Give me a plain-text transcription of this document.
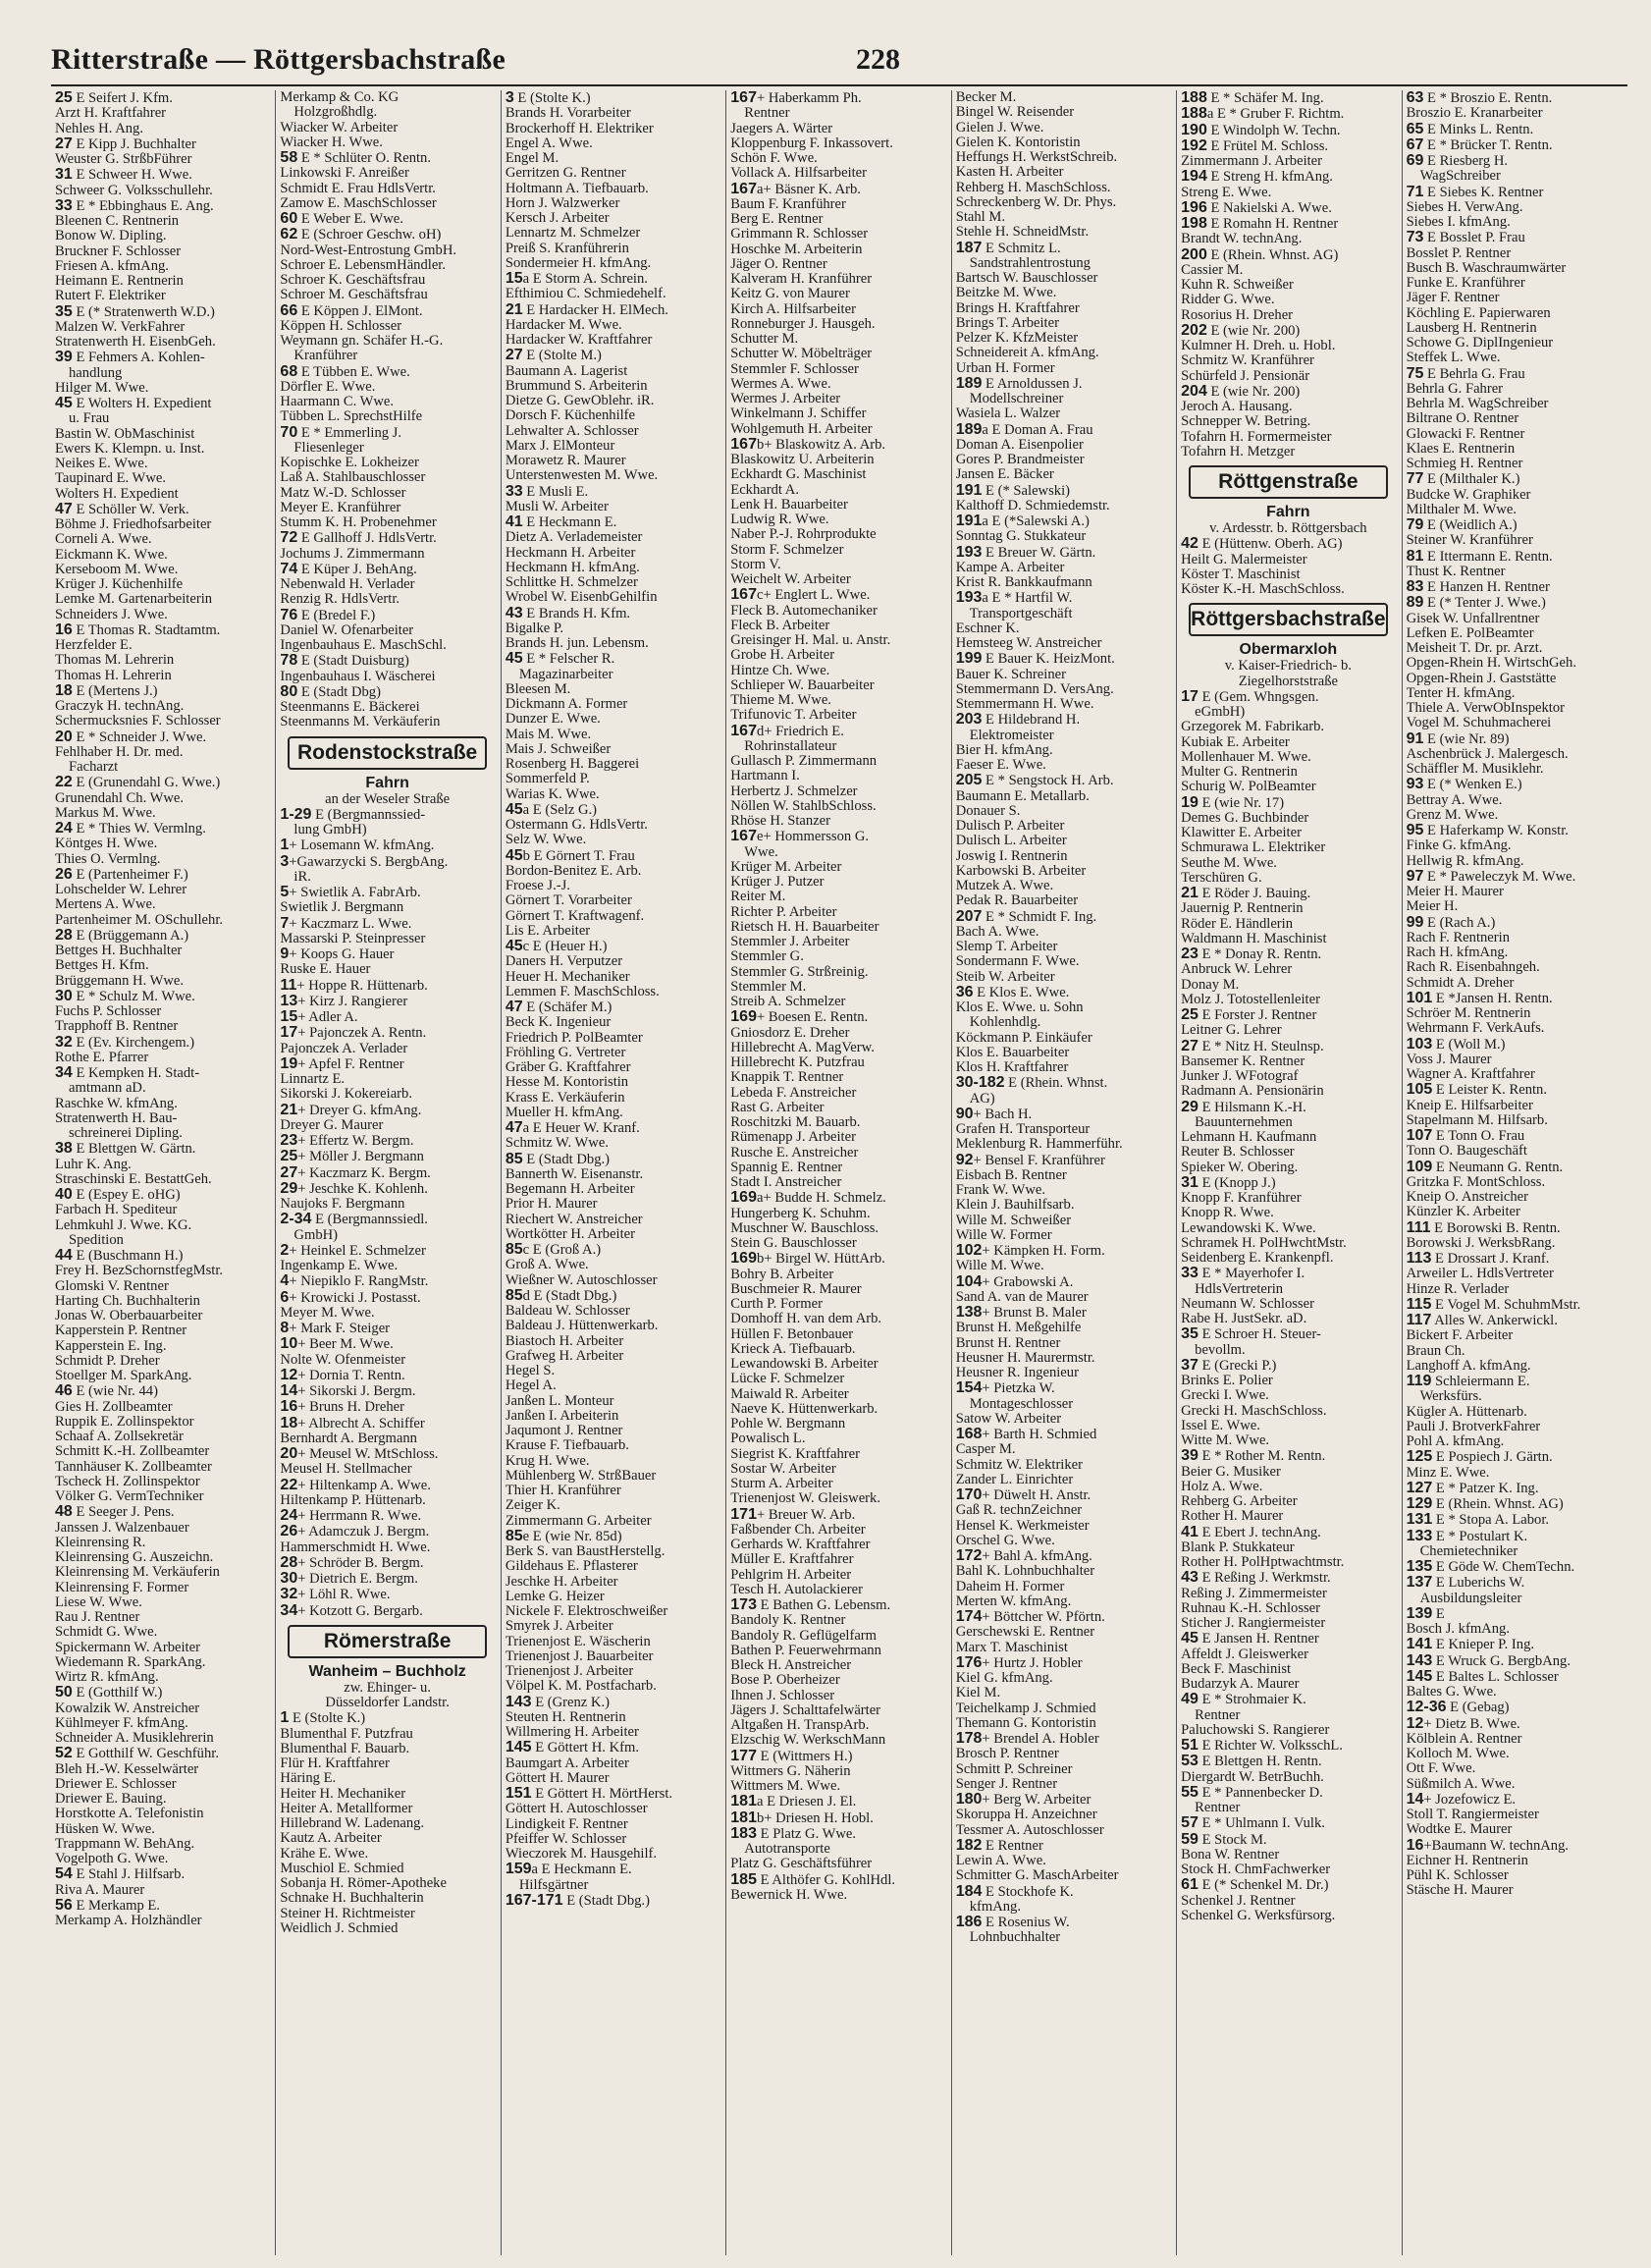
Ritterstraße — Röttgersbachstraße	228
25 E Seifert J. Kfm.
Arzt H. Kraftfahrer
Nehles H. Ang.
27 E Kipp J. Buchhalter
Weuster G. StrßbFührer
31 E Schweer H. Wwe.
Schweer G. Volksschullehr.
33 E * Ebbinghaus E. Ang.
Bleenen C. Rentnerin
Bonow W. Dipling.
Bruckner F. Schlosser
Friesen A. kfmAng.
Heimann E. Rentnerin
Rutert F. Elektriker
35 E (* Stratenwerth W.D.)
Malzen W. VerkFahrer
Stratenwerth H. EisenbGeh.
39 E Fehmers A. Kohlen-
handlung
Hilger M. Wwe.
45 E Wolters H. Expedient
u. Frau
Bastin W. ObMaschinist
Ewers K. Klempn. u. Inst.
Neikes E. Wwe.
Taupinard E. Wwe.
Wolters H. Expedient
47 E Schöller W. Verk.
Böhme J. Friedhofsarbeiter
Corneli A. Wwe.
Eickmann K. Wwe.
Kerseboom M. Wwe.
Krüger J. Küchenhilfe
Lemke M. Gartenarbeiterin
Schneiders J. Wwe.
16 E Thomas R. Stadtamtm.
Herzfelder E.
Thomas M. Lehrerin
Thomas H. Lehrerin
18 E (Mertens J.)
Graczyk H. technAng.
Schermucksnies F. Schlosser
20 E * Schneider J. Wwe.
Fehlhaber H. Dr. med.
Facharzt
22 E (Grunendahl G. Wwe.)
Grunendahl Ch. Wwe.
Markus M. Wwe.
24 E * Thies W. Vermlng.
Köntges H. Wwe.
Thies O. Vermlng.
26 E (Partenheimer F.)
Lohschelder W. Lehrer
Mertens A. Wwe.
Partenheimer M. OSchullehr.
28 E (Brüggemann A.)
Bettges H. Buchhalter
Bettges H. Kfm.
Brüggemann H. Wwe.
30 E * Schulz M. Wwe.
Fuchs P. Schlosser
Trapphoff B. Rentner
32 E (Ev. Kirchengem.)
Rothe E. Pfarrer
34 E Kempken H. Stadt-
amtmann aD.
Raschke W. kfmAng.
Stratenwerth H. Bau-
schreinerei Dipling.
38 E Blettgen W. Gärtn.
Luhr K. Ang.
Straschinski E. BestattGeh.
40 E (Espey E. oHG)
Farbach H. Spediteur
Lehmkuhl J. Wwe. KG.
Spedition
44 E (Buschmann H.)
Frey H. BezSchornstfegMstr.
Glomski V. Rentner
Harting Ch. Buchhalterin
Jonas W. Oberbauarbeiter
Kapperstein P. Rentner
Kapperstein E. Ing.
Schmidt P. Dreher
Stoellger M. SparkAng.
46 E (wie Nr. 44)
Gies H. Zollbeamter
Ruppik E. Zollinspektor
Schaaf A. Zollsekretär
Schmitt K.-H. Zollbeamter
Tannhäuser K. Zollbeamter
Tscheck H. Zollinspektor
Völker G. VermTechniker
48 E Seeger J. Pens.
Janssen J. Walzenbauer
Kleinrensing R.
Kleinrensing G. Auszeichn.
Kleinrensing M. Verkäuferin
Kleinrensing F. Former
Liese W. Wwe.
Rau J. Rentner
Schmidt G. Wwe.
Spickermann W. Arbeiter
Wiedemann R. SparkAng.
Wirtz R. kfmAng.
50 E (Gotthilf W.)
Kowalzik W. Anstreicher
Kühlmeyer F. kfmAng.
Schneider A. Musiklehrerin
52 E Gotthilf W. Geschführ.
Bleh H.-W. Kesselwärter
Driewer E. Schlosser
Driewer E. Bauing.
Horstkotte A. Telefonistin
Hüsken W. Wwe.
Trappmann W. BehAng.
Vogelpoth G. Wwe.
54 E Stahl J. Hilfsarb.
Riva A. Maurer
56 E Merkamp E.
Merkamp A. Holzhändler
Merkamp & Co. KG
Holzgroßhdlg.
Wiacker W. Arbeiter
Wiacker H. Wwe.
58 E * Schlüter O. Rentn.
Linkowski F. Anreißer
Schmidt E. Frau HdlsVertr.
Zamow E. MaschSchlosser
60 E Weber E. Wwe.
62 E (Schroer Geschw. oH)
Nord-West-Entrostung GmbH.
Schroer E. LebensmHändler.
Schroer K. Geschäftsfrau
Schroer M. Geschäftsfrau
66 E Köppen J. ElMont.
Köppen H. Schlosser
Weymann gn. Schäfer H.-G.
Kranführer
68 E Tübben E. Wwe.
Dörfler E. Wwe.
Haarmann C. Wwe.
Tübben L. SprechstHilfe
70 E * Emmerling J.
Fliesenleger
Kopischke E. Lokheizer
Laß A. Stahlbauschlosser
Matz W.-D. Schlosser
Meyer E. Kranführer
Stumm K. H. Probenehmer
72 E Gallhoff J. HdlsVertr.
Jochums J. Zimmermann
74 E Küper J. BehAng.
Nebenwald H. Verlader
Renzig R. HdlsVertr.
76 E (Bredel F.)
Daniel W. Ofenarbeiter
Ingenbauhaus E. MaschSchl.
78 E (Stadt Duisburg)
Ingenbauhaus I. Wäscherei
80 E (Stadt Dbg)
Steenmanns E. Bäckerei
Steenmanns M. Verkäuferin
Rodenstockstraße
Fahrn
an der Weseler Straße
1-29 E (Bergmannssied-
lung GmbH)
1+ Losemann W. kfmAng.
3+Gawarzycki S. BergbAng.
iR.
5+ Swietlik A. FabrArb.
Swietlik J. Bergmann
7+ Kaczmarz L. Wwe.
Massarski P. Steinpresser
9+ Koops G. Hauer
Ruske E. Hauer
11+ Hoppe R. Hüttenarb.
13+ Kirz J. Rangierer
15+ Adler A.
17+ Pajonczek A. Rentn.
Pajonczek A. Verlader
19+ Apfel F. Rentner
Linnartz E.
Sikorski J. Kokereiarb.
21+ Dreyer G. kfmAng.
Dreyer G. Maurer
23+ Effertz W. Bergm.
25+ Möller J. Bergmann
27+ Kaczmarz K. Bergm.
29+ Jeschke K. Kohlenh.
Naujoks F. Bergmann
2-34 E (Bergmannssiedl.
GmbH)
2+ Heinkel E. Schmelzer
Ingenkamp E. Wwe.
4+ Niepiklo F. RangMstr.
6+ Krowicki J. Postasst.
Meyer M. Wwe.
8+ Mark F. Steiger
10+ Beer M. Wwe.
Nolte W. Ofenmeister
12+ Dornia T. Rentn.
14+ Sikorski J. Bergm.
16+ Bruns H. Dreher
18+ Albrecht A. Schiffer
Bernhardt A. Bergmann
20+ Meusel W. MtSchloss.
Meusel H. Stellmacher
22+ Hiltenkamp A. Wwe.
Hiltenkamp P. Hüttenarb.
24+ Herrmann R. Wwe.
26+ Adamczuk J. Bergm.
Hammerschmidt H. Wwe.
28+ Schröder B. Bergm.
30+ Dietrich E. Bergm.
32+ Löhl R. Wwe.
34+ Kotzott G. Bergarb.
Römerstraße
Wanheim – Buchholz
zw. Ehinger- u.
Düsseldorfer Landstr.
1 E (Stolte K.)
Blumenthal F. Putzfrau
Blumenthal F. Bauarb.
Flür H. Kraftfahrer
Häring E.
Heiter H. Mechaniker
Heiter A. Metallformer
Hillebrand W. Ladenang.
Kautz A. Arbeiter
Krähe E. Wwe.
Muschiol E. Schmied
Sobanja H. Römer-Apotheke
Schnake H. Buchhalterin
Steiner H. Richtmeister
Weidlich J. Schmied
3 E (Stolte K.)
Brands H. Vorarbeiter
Brockerhoff H. Elektriker
Engel A. Wwe.
Engel M.
Gerritzen G. Rentner
Holtmann A. Tiefbauarb.
Horn J. Walzwerker
Kersch J. Arbeiter
Lennartz M. Schmelzer
Preiß S. Kranführerin
Sondermeier H. kfmAng.
15a E Storm A. Schrein.
Efthimiou C. Schmiedehelf.
21 E Hardacker H. ElMech.
Hardacker M. Wwe.
Hardacker W. Kraftfahrer
27 E (Stolte M.)
Baumann A. Lagerist
Brummund S. Arbeiterin
Dietze G. GewOblehr. iR.
Dorsch F. Küchenhilfe
Lehwalter A. Schlosser
Marx J. ElMonteur
Morawetz R. Maurer
Unterstenwesten M. Wwe.
33 E Musli E.
Musli W. Arbeiter
41 E Heckmann E.
Dietz A. Verlademeister
Heckmann H. Arbeiter
Heckmann H. kfmAng.
Schlittke H. Schmelzer
Wrobel W. EisenbGehilfin
43 E Brands H. Kfm.
Bigalke P.
Brands H. jun. Lebensm.
45 E * Felscher R.
Magazinarbeiter
Bleesen M.
Dickmann A. Former
Dunzer E. Wwe.
Mais M. Wwe.
Mais J. Schweißer
Rosenberg H. Baggerei
Sommerfeld P.
Warias K. Wwe.
45a E (Selz G.)
Ostermann G. HdlsVertr.
Selz W. Wwe.
45b E Görnert T. Frau
Bordon-Benitez E. Arb.
Froese J.-J.
Görnert T. Vorarbeiter
Görnert T. Kraftwagenf.
Lis E. Arbeiter
45c E (Heuer H.)
Daners H. Verputzer
Heuer H. Mechaniker
Lemmen F. MaschSchloss.
47 E (Schäfer M.)
Beck K. Ingenieur
Friedrich P. PolBeamter
Fröhling G. Vertreter
Gräber G. Kraftfahrer
Hesse M. Kontoristin
Krass E. Verkäuferin
Mueller H. kfmAng.
47a E Heuer W. Kranf.
Schmitz W. Wwe.
85 E (Stadt Dbg.)
Bannerth W. Eisenanstr.
Begemann H. Arbeiter
Prior H. Maurer
Riechert W. Anstreicher
Wortkötter H. Arbeiter
85c E (Groß A.)
Groß A. Wwe.
Wießner W. Autoschlosser
85d E (Stadt Dbg.)
Baldeau W. Schlosser
Baldeau J. Hüttenwerkarb.
Biastoch H. Arbeiter
Grafweg H. Arbeiter
Hegel S.
Hegel A.
Janßen L. Monteur
Janßen I. Arbeiterin
Jaqumont J. Rentner
Krause F. Tiefbauarb.
Krug H. Wwe.
Mühlenberg W. StrßBauer
Thier H. Kranführer
Zeiger K.
Zimmermann G. Arbeiter
85e E (wie Nr. 85d)
Berk S. van BaustHerstellg.
Gildehaus E. Pflasterer
Jeschke H. Arbeiter
Lemke G. Heizer
Nickele F. Elektroschweißer
Smyrek J. Arbeiter
Trienenjost E. Wäscherin
Trienenjost J. Bauarbeiter
Trienenjost J. Arbeiter
Völpel K. M. Postfacharb.
143 E (Grenz K.)
Steuten H. Rentnerin
Willmering H. Arbeiter
145 E Göttert H. Kfm.
Baumgart A. Arbeiter
Göttert H. Maurer
151 E Göttert H. MörtHerst.
Göttert H. Autoschlosser
Lindigkeit F. Rentner
Pfeiffer W. Schlosser
Wieczorek M. Hausgehilf.
159a E Heckmann E.
Hilfsgärtner
167-171 E (Stadt Dbg.)
167+ Haberkamm Ph.
Rentner
Jaegers A. Wärter
Kloppenburg F. Inkassovert.
Schön F. Wwe.
Vollack A. Hilfsarbeiter
167a+ Bäsner K. Arb.
Baum F. Kranführer
Berg E. Rentner
Grimmann R. Schlosser
Hoschke M. Arbeiterin
Jäger O. Rentner
Kalveram H. Kranführer
Keitz G. von Maurer
Kirch A. Hilfsarbeiter
Ronneburger J. Hausgeh.
Schutter M.
Schutter W. Möbelträger
Stemmler F. Schlosser
Wermes A. Wwe.
Wermes J. Arbeiter
Winkelmann J. Schiffer
Wohlgemuth H. Arbeiter
167b+ Blaskowitz A. Arb.
Blaskowitz U. Arbeiterin
Eckhardt G. Maschinist
Eckhardt A.
Lenk H. Bauarbeiter
Ludwig R. Wwe.
Naber P.-J. Rohrprodukte
Storm F. Schmelzer
Storm V.
Weichelt W. Arbeiter
167c+ Englert L. Wwe.
Fleck B. Automechaniker
Fleck B. Arbeiter
Greisinger H. Mal. u. Anstr.
Grobe H. Arbeiter
Hintze Ch. Wwe.
Schlieper W. Bauarbeiter
Thieme M. Wwe.
Trifunovic T. Arbeiter
167d+ Friedrich E.
Rohrinstallateur
Gullasch P. Zimmermann
Hartmann I.
Herbertz J. Schmelzer
Nöllen W. StahlbSchloss.
Rhöse H. Stanzer
167e+ Hommersson G.
Wwe.
Krüger M. Arbeiter
Krüger J. Putzer
Reiter M.
Richter P. Arbeiter
Rietsch H. H. Bauarbeiter
Stemmler J. Arbeiter
Stemmler G.
Stemmler G. Strßreinig.
Stemmler M.
Streib A. Schmelzer
169+ Boesen E. Rentn.
Gniosdorz E. Dreher
Hillebrecht A. MagVerw.
Hillebrecht K. Putzfrau
Knappik T. Rentner
Lebeda F. Anstreicher
Rast G. Arbeiter
Roschitzki M. Bauarb.
Rümenapp J. Arbeiter
Rusche E. Anstreicher
Spannig E. Rentner
Stadt I. Anstreicher
169a+ Budde H. Schmelz.
Hungerberg K. Schuhm.
Muschner W. Bauschloss.
Stein G. Bauschlosser
169b+ Birgel W. HüttArb.
Bohry B. Arbeiter
Buschmeier R. Maurer
Curth P. Former
Domhoff H. van dem Arb.
Hüllen F. Betonbauer
Krieck A. Tiefbauarb.
Lewandowski B. Arbeiter
Lücke F. Schmelzer
Maiwald R. Arbeiter
Naeve K. Hüttenwerkarb.
Pohle W. Bergmann
Powalisch L.
Siegrist K. Kraftfahrer
Sostar W. Arbeiter
Sturm A. Arbeiter
Trienenjost W. Gleiswerk.
171+ Breuer W. Arb.
Faßbender Ch. Arbeiter
Gerhards W. Kraftfahrer
Müller E. Kraftfahrer
Pehlgrim H. Arbeiter
Tesch H. Autolackierer
173 E Bathen G. Lebensm.
Bandoly K. Rentner
Bandoly R. Geflügelfarm
Bathen P. Feuerwehrmann
Bleck H. Anstreicher
Bose P. Oberheizer
Ihnen J. Schlosser
Jägers J. Schalttafelwärter
Altgaßen H. TranspArb.
Elzschig W. WerkschMann
177 E (Wittmers H.)
Wittmers G. Näherin
Wittmers M. Wwe.
181a E Driesen J. El.
181b+ Driesen H. Hobl.
183 E Platz G. Wwe.
Autotransporte
Platz G. Geschäftsführer
185 E Althöfer G. KohlHdl.
Bewernick H. Wwe.
Becker M.
Bingel W. Reisender
Gielen J. Wwe.
Gielen K. Kontoristin
Heffungs H. WerkstSchreib.
Kasten H. Arbeiter
Rehberg H. MaschSchloss.
Schreckenberg W. Dr. Phys.
Stahl M.
Stehle H. SchneidMstr.
187 E Schmitz L.
Sandstrahlentrostung
Bartsch W. Bauschlosser
Beitzke M. Wwe.
Brings H. Kraftfahrer
Brings T. Arbeiter
Pelzer K. KfzMeister
Schneidereit A. kfmAng.
Urban H. Former
189 E Arnoldussen J.
Modellschreiner
Wasiela L. Walzer
189a E Doman A. Frau
Doman A. Eisenpolier
Gores P. Brandmeister
Jansen E. Bäcker
191 E (* Salewski)
Kalthoff D. Schmiedemstr.
191a E (*Salewski A.)
Sonntag G. Stukkateur
193 E Breuer W. Gärtn.
Kampe A. Arbeiter
Krist R. Bankkaufmann
193a E * Hartfil W.
Transportgeschäft
Eschner K.
Hemsteeg W. Anstreicher
199 E Bauer K. HeizMont.
Bauer K. Schreiner
Stemmermann D. VersAng.
Stemmermann H. Wwe.
203 E Hildebrand H.
Elektromeister
Bier H. kfmAng.
Faeser E. Wwe.
205 E * Sengstock H. Arb.
Baumann E. Metallarb.
Donauer S.
Dulisch P. Arbeiter
Dulisch L. Arbeiter
Joswig I. Rentnerin
Karbowski B. Arbeiter
Mutzek A. Wwe.
Pedak R. Bauarbeiter
207 E * Schmidt F. Ing.
Bach A. Wwe.
Slemp T. Arbeiter
Sondermann F. Wwe.
Steib W. Arbeiter
36 E Klos E. Wwe.
Klos E. Wwe. u. Sohn
Kohlenhdlg.
Köckmann P. Einkäufer
Klos E. Bauarbeiter
Klos H. Kraftfahrer
30-182 E (Rhein. Whnst.
AG)
90+ Bach H.
Grafen H. Transporteur
Meklenburg R. Hammerführ.
92+ Bensel F. Kranführer
Eisbach B. Rentner
Frank W. Wwe.
Klein J. Bauhilfsarb.
Wille M. Schweißer
Wille W. Former
102+ Kämpken H. Form.
Wille M. Wwe.
104+ Grabowski A.
Sand A. van de Maurer
138+ Brunst B. Maler
Brunst H. Meßgehilfe
Brunst H. Rentner
Heusner H. Maurermstr.
Heusner R. Ingenieur
154+ Pietzka W.
Montageschlosser
Satow W. Arbeiter
168+ Barth H. Schmied
Casper M.
Schmitz W. Elektriker
Zander L. Einrichter
170+ Düwelt H. Anstr.
Gaß R. technZeichner
Hensel K. Werkmeister
Orschel G. Wwe.
172+ Bahl A. kfmAng.
Bahl K. Lohnbuchhalter
Daheim H. Former
Merten W. kfmAng.
174+ Böttcher W. Pförtn.
Gerschewski E. Rentner
Marx T. Maschinist
176+ Hurtz J. Hobler
Kiel G. kfmAng.
Kiel M.
Teichelkamp J. Schmied
Themann G. Kontoristin
178+ Brendel A. Hobler
Brosch P. Rentner
Schmitt P. Schreiner
Senger J. Rentner
180+ Berg W. Arbeiter
Skoruppa H. Anzeichner
Tessmer A. Autoschlosser
182 E Rentner
Lewin A. Wwe.
Schmitter G. MaschArbeiter
184 E Stockhofe K.
kfmAng.
186 E Rosenius W.
Lohnbuchhalter
188 E * Schäfer M. Ing.
188a E * Gruber F. Richtm.
190 E Windolph W. Techn.
192 E Frütel M. Schloss.
Zimmermann J. Arbeiter
194 E Streng H. kfmAng.
Streng E. Wwe.
196 E Nakielski A. Wwe.
198 E Romahn H. Rentner
Brandt W. technAng.
200 E (Rhein. Whnst. AG)
Cassier M.
Kuhn R. Schweißer
Ridder G. Wwe.
Rosorius H. Dreher
202 E (wie Nr. 200)
Kulmner H. Dreh. u. Hobl.
Schmitz W. Kranführer
Schürfeld J. Pensionär
204 E (wie Nr. 200)
Jeroch A. Hausang.
Schnepper W. Betring.
Tofahrn H. Formermeister
Tofahrn H. Metzger
Röttgenstraße
Fahrn
v. Ardesstr. b. Röttgersbach
42 E (Hüttenw. Oberh. AG)
Heilt G. Malermeister
Köster T. Maschinist
Köster K.-H. MaschSchloss.
Röttgersbachstraße
Obermarxloh
v. Kaiser-Friedrich- b.
Ziegelhorststraße
17 E (Gem. Whngsgen.
eGmbH)
Grzegorek M. Fabrikarb.
Kubiak E. Arbeiter
Mollenhauer M. Wwe.
Multer G. Rentnerin
Schurig W. PolBeamter
19 E (wie Nr. 17)
Demes G. Buchbinder
Klawitter E. Arbeiter
Schmurawa L. Elektriker
Seuthe M. Wwe.
Terschüren G.
21 E Röder J. Bauing.
Jauernig P. Rentnerin
Röder E. Händlerin
Waldmann H. Maschinist
23 E * Donay R. Rentn.
Anbruck W. Lehrer
Donay M.
Molz J. Totostellenleiter
25 E Forster J. Rentner
Leitner G. Lehrer
27 E * Nitz H. Steulnsp.
Bansemer K. Rentner
Junker J. WFotograf
Radmann A. Pensionärin
29 E Hilsmann K.-H.
Bauunternehmen
Lehmann H. Kaufmann
Reuter B. Schlosser
Spieker W. Obering.
31 E (Knopp J.)
Knopp F. Kranführer
Knopp R. Wwe.
Lewandowski K. Wwe.
Schramek H. PolHwchtMstr.
Seidenberg E. Krankenpfl.
33 E * Mayerhofer I.
HdlsVertreterin
Neumann W. Schlosser
Rabe H. JustSekr. aD.
35 E Schroer H. Steuer-
bevollm.
37 E (Grecki P.)
Brinks E. Polier
Grecki I. Wwe.
Grecki H. MaschSchloss.
Issel E. Wwe.
Witte M. Wwe.
39 E * Rother M. Rentn.
Beier G. Musiker
Holz A. Wwe.
Rehberg G. Arbeiter
Rother H. Maurer
41 E Ebert J. technAng.
Blank P. Stukkateur
Rother H. PolHptwachtmstr.
43 E Reßing J. Werkmstr.
Reßing J. Zimmermeister
Ruhnau K.-H. Schlosser
Sticher J. Rangiermeister
45 E Jansen H. Rentner
Affeldt J. Gleiswerker
Beck F. Maschinist
Budarzyk A. Maurer
49 E * Strohmaier K.
Rentner
Paluchowski S. Rangierer
51 E Richter W. VolksschL.
53 E Blettgen H. Rentn.
Diergardt W. BetrBuchh.
55 E * Pannenbecker D.
Rentner
57 E * Uhlmann I. Vulk.
59 E Stock M.
Bona W. Rentner
Stock H. ChmFachwerker
61 E (* Schenkel M. Dr.)
Schenkel J. Rentner
Schenkel G. Werksfürsorg.
63 E * Broszio E. Rentn.
Broszio E. Kranarbeiter
65 E Minks L. Rentn.
67 E * Brücker T. Rentn.
69 E Riesberg H.
WagSchreiber
71 E Siebes K. Rentner
Siebes H. VerwAng.
Siebes I. kfmAng.
73 E Bosslet P. Frau
Bosslet P. Rentner
Busch B. Waschraumwärter
Funke E. Kranführer
Jäger F. Rentner
Köchling E. Papierwaren
Lausberg H. Rentnerin
Schowe G. DiplIngenieur
Steffek L. Wwe.
75 E Behrla G. Frau
Behrla G. Fahrer
Behrla M. WagSchreiber
Biltrane O. Rentner
Glowacki F. Rentner
Klaes E. Rentnerin
Schmieg H. Rentner
77 E (Milthaler K.)
Budcke W. Graphiker
Milthaler M. Wwe.
79 E (Weidlich A.)
Steiner W. Kranführer
81 E Ittermann E. Rentn.
Thust K. Rentner
83 E Hanzen H. Rentner
89 E (* Tenter J. Wwe.)
Gisek W. Unfallrentner
Lefken E. PolBeamter
Meisheit T. Dr. pr. Arzt.
Opgen-Rhein H. WirtschGeh.
Opgen-Rhein J. Gaststätte
Tenter H. kfmAng.
Thiele A. VerwObInspektor
Vogel M. Schuhmacherei
91 E (wie Nr. 89)
Aschenbrück J. Malergesch.
Schäffler M. Musiklehr.
93 E (* Wenken E.)
Bettray A. Wwe.
Grenz M. Wwe.
95 E Haferkamp W. Konstr.
Finke G. kfmAng.
Hellwig R. kfmAng.
97 E * Paweleczyk M. Wwe.
Meier H. Maurer
Meier H.
99 E (Rach A.)
Rach F. Rentnerin
Rach H. kfmAng.
Rach R. Eisenbahngeh.
Schmidt A. Dreher
101 E *Jansen H. Rentn.
Schröer M. Rentnerin
Wehrmann F. VerkAufs.
103 E (Woll M.)
Voss J. Maurer
Wagner A. Kraftfahrer
105 E Leister K. Rentn.
Kneip E. Hilfsarbeiter
Stapelmann M. Hilfsarb.
107 E Tonn O. Frau
Tonn O. Baugeschäft
109 E Neumann G. Rentn.
Gritzka F. MontSchloss.
Kneip O. Anstreicher
Künzler K. Arbeiter
111 E Borowski B. Rentn.
Borowski J. WerksbRang.
113 E Drossart J. Kranf.
Arweiler L. HdlsVertreter
Hinze R. Verlader
115 E Vogel M. SchuhmMstr.
117 Alles W. Ankerwickl.
Bickert F. Arbeiter
Braun Ch.
Langhoff A. kfmAng.
119 Schleiermann E.
Werksfürs.
Kügler A. Hüttenarb.
Pauli J. BrotverkFahrer
Pohl A. kfmAng.
125 E Pospiech J. Gärtn.
Minz E. Wwe.
127 E * Patzer K. Ing.
129 E (Rhein. Whnst. AG)
131 E * Stopa A. Labor.
133 E * Postulart K.
Chemietechniker
135 E Göde W. ChemTechn.
137 E Luberichs W.
Ausbildungsleiter
139 E
Bosch J. kfmAng.
141 E Knieper P. Ing.
143 E Wruck G. BergbAng.
145 E Baltes L. Schlosser
Baltes G. Wwe.
12-36 E (Gebag)
12+ Dietz B. Wwe.
Kölblein A. Rentner
Kolloch M. Wwe.
Ott F. Wwe.
Süßmilch A. Wwe.
14+ Jozefowicz E.
Stoll T. Rangiermeister
Wodtke E. Maurer
16+Baumann W. technAng.
Eichner H. Rentnerin
Pühl K. Schlosser
Stäsche H. Maurer
